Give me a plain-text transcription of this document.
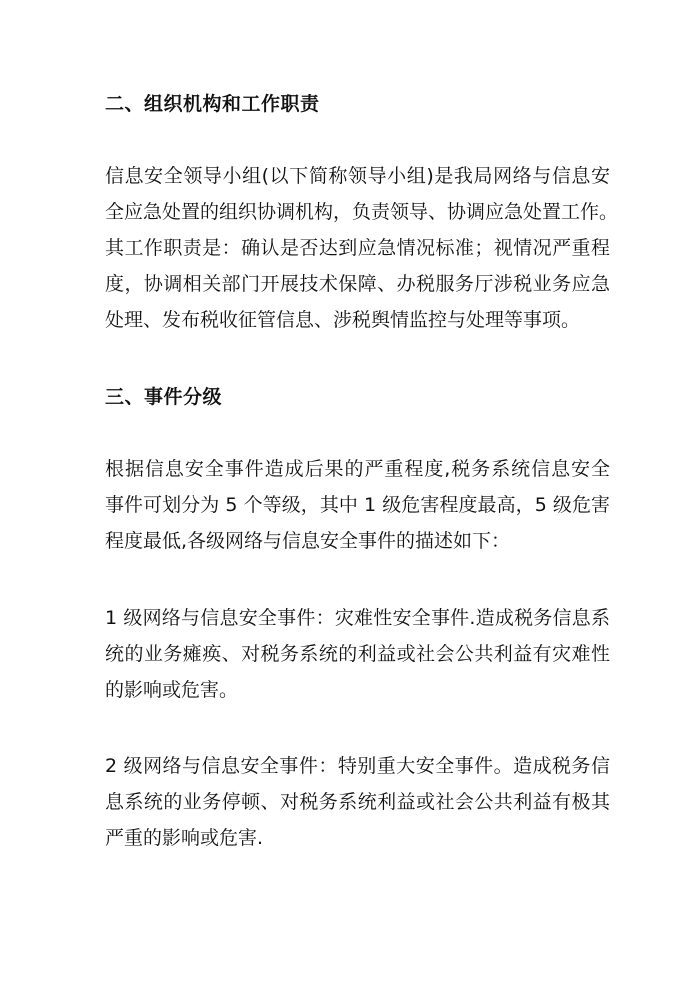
二、组织机构和工作职责
信息安全领导小组(以下简称领导小组)是我局网络与信息安
全应急处置的组织协调机构，负责领导、协调应急处置工作。
其工作职责是：确认是否达到应急情况标准；视情况严重程
度，协调相关部门开展技术保障、办税服务厅涉税业务应急
处理、发布税收征管信息、涉税舆情监控与处理等事项。
三、事件分级
根据信息安全事件造成后果的严重程度,税务系统信息安全
事件可划分为 5 个等级，其中 1 级危害程度最高，5 级危害
程度最低,各级网络与信息安全事件的描述如下：
1 级网络与信息安全事件：灾难性安全事件.造成税务信息系
统的业务瘫痪、对税务系统的利益或社会公共利益有灾难性
的影响或危害。
2 级网络与信息安全事件：特别重大安全事件。造成税务信
息系统的业务停顿、对税务系统利益或社会公共利益有极其
严重的影响或危害.
